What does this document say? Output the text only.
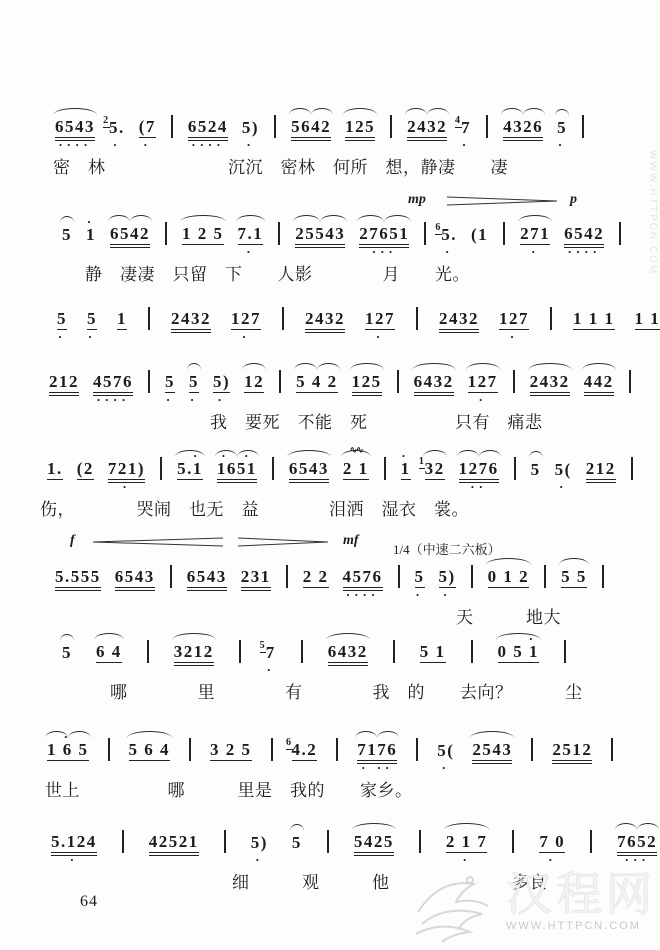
6543
····
2 5.
·
(7
·
6524
····
5)
·
5642 125 2432 4 7
·
4326 5
·
密　林　　　　　　　沉沉　密林　何所　想，静凄　　凄
5 1
·
6542 1 2 5 7.1
·
25543 27651
···
6 5.
·
(1 271
·
6542
····
静　凄凄　只留　下　　人影　　　　月　　光。
mp	p
5
·
5
·
1	2432 127
·
2432 127
·
2432 127
·
1 1 1 1 1
212 4576
····
5
·
5
·
5)
·
12 5 4 2 125 6432 127
·
2432 442
我　要死　不能　死　　　　　只有　痛悲
1. (2 721)
·
5.1
·
1651
·  ·
6543 2 1
∿∿
1
· 1 32 1276
··
5 5(
·
212
伤，　　　　哭闹　也无　益　　　　泪洒　湿衣　裳。
5.555 6543 6543 231 2 2 4576
····
5
·
5)
·
0 1 2 5 5
天　　　地大
f	mf
1/4（中速二六板）
5 6 4	3212	5 7
·
6432	5 1	0 5 1
·
哪　　　　里　　　　有　　　　我　的　　去向？　　　尘
1 6 5
·
5 6 4 3 2 5	6
4.2 7176
· ··
5(
·
2543 2512
世上　　　　　哪　　　里是　我的　　家乡。
5.124
·
42521	5)
·
5	5425	2 1 7
·
7 0
·
7652
···
细　　　观　　　他　　　　　　　多良
64
WWW.HTTPCN.COM
汉程网
WWW.HTTPCN.COM
